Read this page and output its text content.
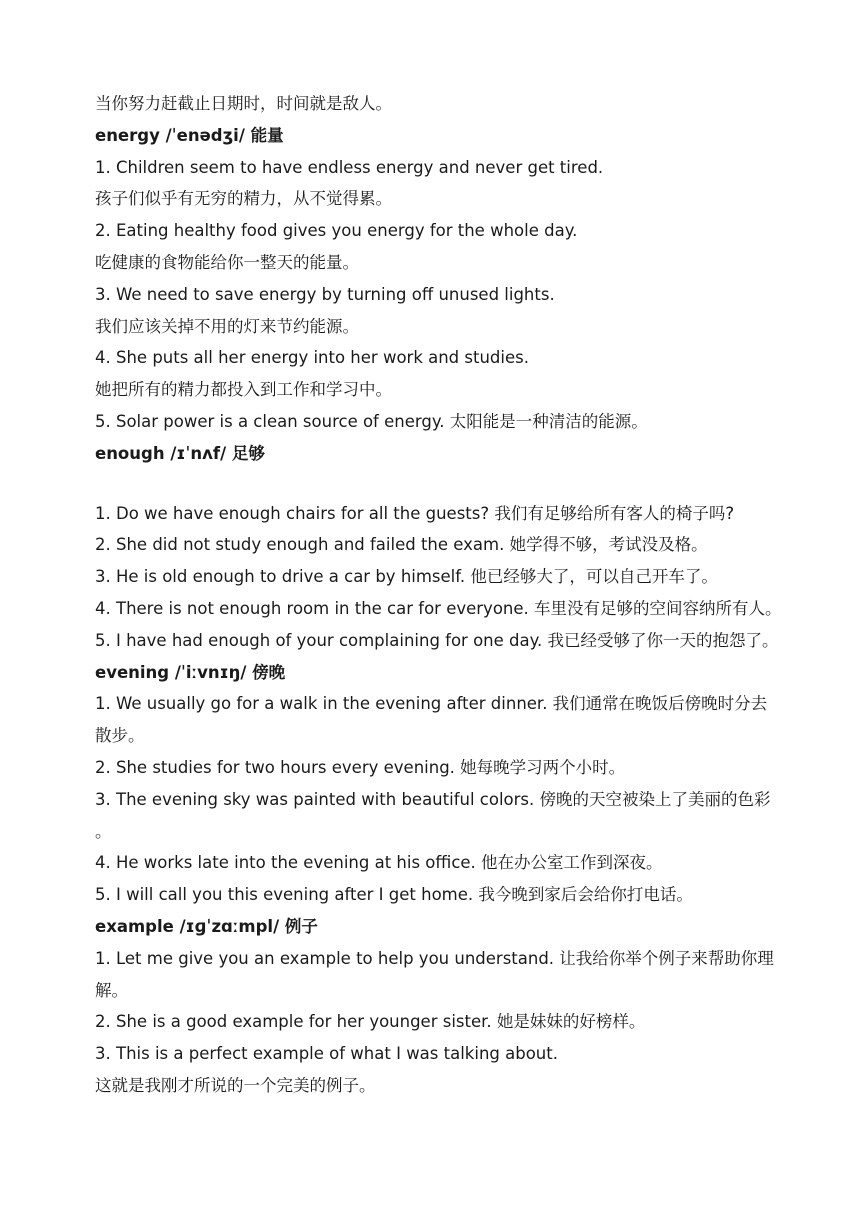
当你努力赶截止日期时，时间就是敌人。
energy /ˈenədʒi/ 能量
1. Children seem to have endless energy and never get tired.
孩子们似乎有无穷的精力，从不觉得累。
2. Eating healthy food gives you energy for the whole day.
吃健康的食物能给你一整天的能量。
3. We need to save energy by turning off unused lights.
我们应该关掉不用的灯来节约能源。
4. She puts all her energy into her work and studies.
她把所有的精力都投入到工作和学习中。
5. Solar power is a clean source of energy. 太阳能是一种清洁的能源。
enough /ɪˈnʌf/ 足够
1. Do we have enough chairs for all the guests? 我们有足够给所有客人的椅子吗?
2. She did not study enough and failed the exam. 她学得不够，考试没及格。
3. He is old enough to drive a car by himself. 他已经够大了，可以自己开车了。
4. There is not enough room in the car for everyone. 车里没有足够的空间容纳所有人。
5. I have had enough of your complaining for one day. 我已经受够了你一天的抱怨了。
evening /ˈiːvnɪŋ/ 傍晚
1. We usually go for a walk in the evening after dinner. 我们通常在晚饭后傍晚时分去
散步。
2. She studies for two hours every evening. 她每晚学习两个小时。
3. The evening sky was painted with beautiful colors. 傍晚的天空被染上了美丽的色彩
。
4. He works late into the evening at his office. 他在办公室工作到深夜。
5. I will call you this evening after I get home. 我今晚到家后会给你打电话。
example /ɪɡˈzɑːmpl/ 例子
1. Let me give you an example to help you understand. 让我给你举个例子来帮助你理
解。
2. She is a good example for her younger sister. 她是妹妹的好榜样。
3. This is a perfect example of what I was talking about.
这就是我刚才所说的一个完美的例子。
